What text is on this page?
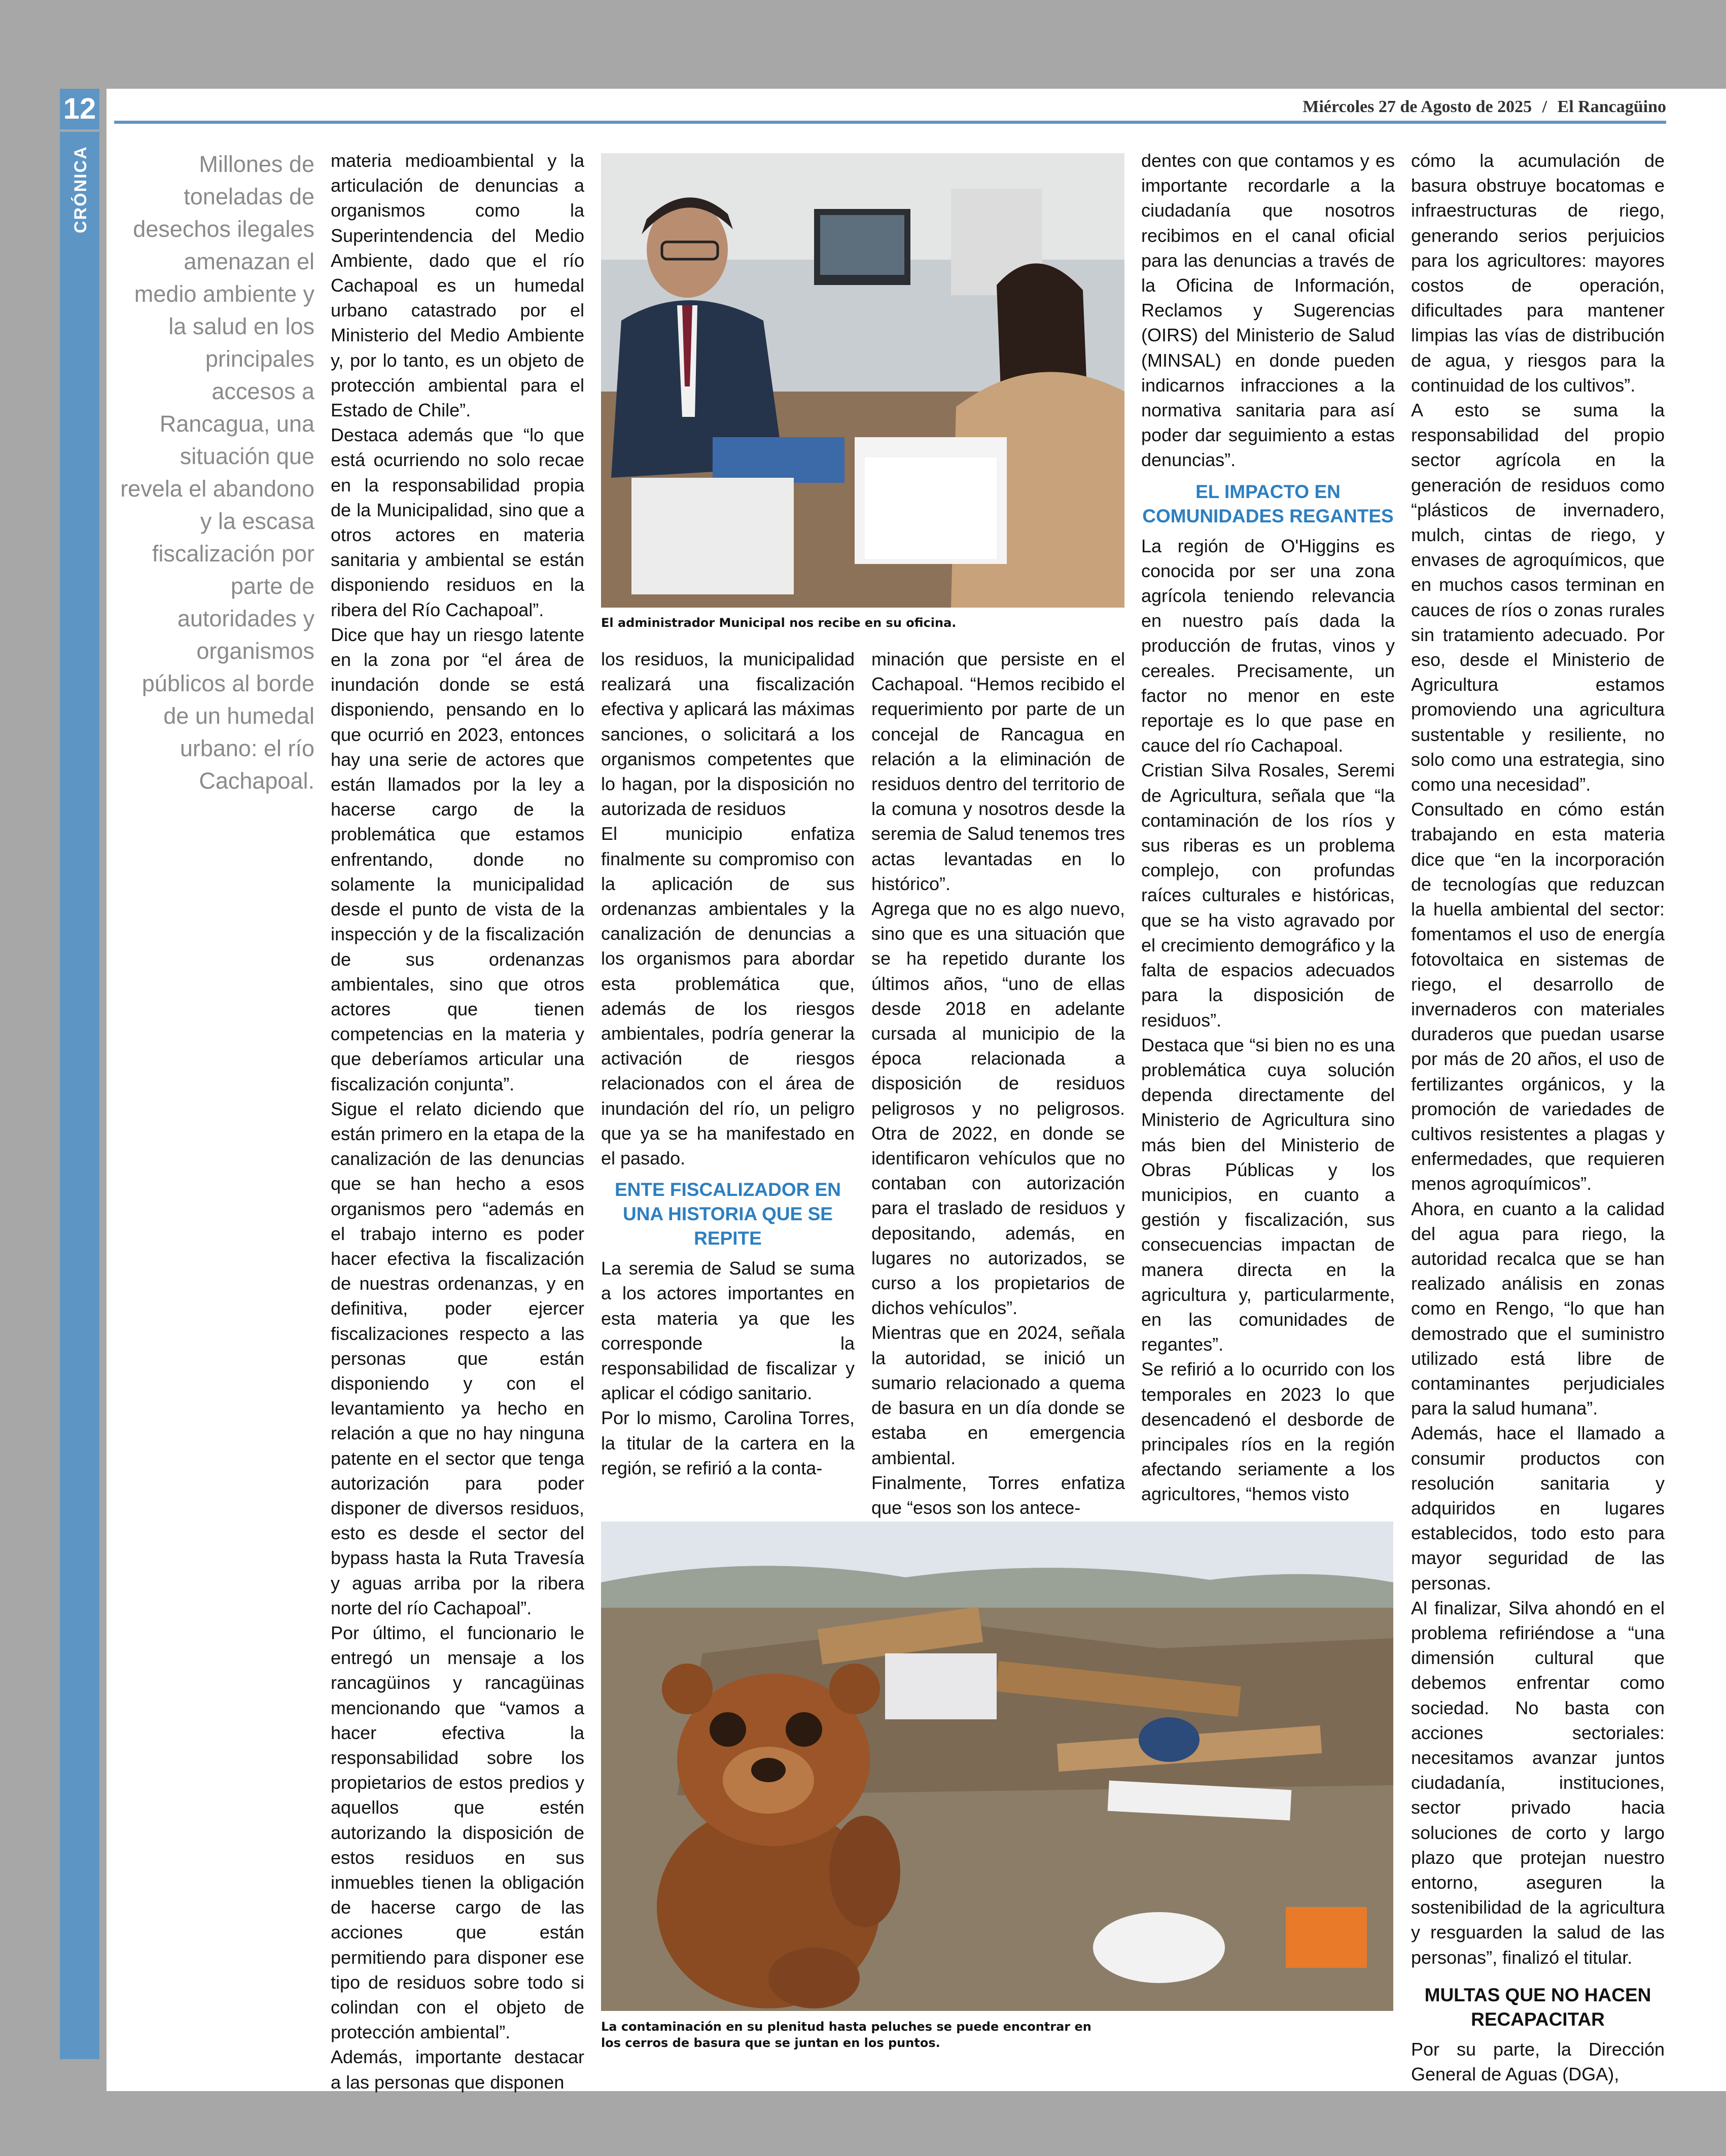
12
CRÓNICA
Miércoles 27 de Agosto de 2025 / El Rancagüino
Millones de toneladas de desechos ilegales amenazan el medio ambiente y la salud en los principales accesos a Rancagua, una situación que revela el abandono y la escasa fiscalización por parte de autoridades y organismos públicos al borde de un humedal urbano: el río Cachapoal.

materia medioambiental y la articulación de denuncias a organismos como la Superintendencia del Medio Ambiente, dado que el río Cachapoal es un humedal urbano catastrado por el Ministerio del Medio Ambiente y, por lo tanto, es un objeto de protección ambiental para el Estado de Chile”.

Destaca además que “lo que está ocurriendo no solo recae en la responsabilidad propia de la Municipalidad, sino que a otros actores en materia sanitaria y ambiental se están disponiendo residuos en la ribera del Río Cachapoal”.

Dice que hay un riesgo latente en la zona por “el área de inundación donde se está disponiendo, pensando en lo que ocurrió en 2023, entonces hay una serie de actores que están llamados por la ley a hacerse cargo de la problemática que estamos enfrentando, donde no solamente la municipalidad desde el punto de vista de la inspección y de la fiscalización de sus ordenanzas ambientales, sino que otros actores que tienen competencias en la materia y que deberíamos articular una fiscalización conjunta”.

Sigue el relato diciendo que están primero en la etapa de la canalización de las denuncias que se han hecho a esos organismos pero “además en el trabajo interno es poder hacer efectiva la fiscalización de nuestras ordenanzas, y en definitiva, poder ejercer fiscalizaciones respecto a las personas que están disponiendo y con el levantamiento ya hecho en relación a que no hay ninguna patente en el sector que tenga autorización para poder disponer de diversos residuos, esto es desde el sector del bypass hasta la Ruta Travesía y aguas arriba por la ribera norte del río Cachapoal”.

Por último, el funcionario le entregó un mensaje a los rancagüinos y rancagüinas mencionando que “vamos a hacer efectiva la responsabilidad sobre los propietarios de estos predios y aquellos que estén autorizando la disposición de estos residuos en sus inmuebles tienen la obligación de hacerse cargo de las acciones que están permitiendo para disponer ese tipo de residuos sobre todo si colindan con el objeto de protección ambiental”.

Además, importante destacar a las personas que disponen

El administrador Municipal nos recibe en su oficina.

los residuos, la municipalidad realizará una fiscalización efectiva y aplicará las máximas sanciones, o solicitará a los organismos competentes que lo hagan, por la disposición no autorizada de residuos

El municipio enfatiza finalmente su compromiso con la aplicación de sus ordenanzas ambientales y la canalización de denuncias a los organismos para abordar esta problemática que, además de los riesgos ambientales, podría generar la activación de riesgos relacionados con el área de inundación del río, un peligro que ya se ha manifestado en el pasado.

ENTE FISCALIZADOR EN UNA HISTORIA QUE SE REPITE

La seremia de Salud se suma a los actores importantes en esta materia ya que les corresponde la responsabilidad de fiscalizar y aplicar el código sanitario.

Por lo mismo, Carolina Torres, la titular de la cartera en la región, se refirió a la conta-

minación que persiste en el Cachapoal. “Hemos recibido el requerimiento por parte de un concejal de Rancagua en relación a la eliminación de residuos dentro del territorio de la comuna y nosotros desde la seremia de Salud tenemos tres actas levantadas en lo histórico”.

Agrega que no es algo nuevo, sino que es una situación que se ha repetido durante los últimos años, “uno de ellas desde 2018 en adelante cursada al municipio de la época relacionada a disposición de residuos peligrosos y no peligrosos. Otra de 2022, en donde se identificaron vehículos que no contaban con autorización para el traslado de residuos y depositando, además, en lugares no autorizados, se curso a los propietarios de dichos vehículos”.

Mientras que en 2024, señala la autoridad, se inició un sumario relacionado a quema de basura en un día donde se estaba en emergencia ambiental.

Finalmente, Torres enfatiza que “esos son los antece-

dentes con que contamos y es importante recordarle a la ciudadanía que nosotros recibimos en el canal oficial para las denuncias a través de la Oficina de Información, Reclamos y Sugerencias (OIRS) del Ministerio de Salud (MINSAL) en donde pueden indicarnos infracciones a la normativa sanitaria para así poder dar seguimiento a estas denuncias”.

EL IMPACTO EN COMUNIDADES REGANTES

La región de O'Higgins es conocida por ser una zona agrícola teniendo relevancia en nuestro país dada la producción de frutas, vinos y cereales. Precisamente, un factor no menor en este reportaje es lo que pase en cauce del río Cachapoal.

Cristian Silva Rosales, Seremi de Agricultura, señala que “la contaminación de los ríos y sus riberas es un problema complejo, con profundas raíces culturales e históricas, que se ha visto agravado por el crecimiento demográfico y la falta de espacios adecuados para la disposición de residuos”.

Destaca que “si bien no es una problemática cuya solución dependa directamente del Ministerio de Agricultura sino más bien del Ministerio de Obras Públicas y los municipios, en cuanto a gestión y fiscalización, sus consecuencias impactan de manera directa en la agricultura y, particularmente, en las comunidades de regantes”.

Se refirió a lo ocurrido con los temporales en 2023 lo que desencadenó el desborde de principales ríos en la región afectando seriamente a los agricultores, “hemos visto

cómo la acumulación de basura obstruye bocatomas e infraestructuras de riego, generando serios perjuicios para los agricultores: mayores costos de operación, dificultades para mantener limpias las vías de distribución de agua, y riesgos para la continuidad de los cultivos”.

A esto se suma la responsabilidad del propio sector agrícola en la generación de residuos como “plásticos de invernadero, mulch, cintas de riego, y envases de agroquímicos, que en muchos casos terminan en cauces de ríos o zonas rurales sin tratamiento adecuado. Por eso, desde el Ministerio de Agricultura estamos promoviendo una agricultura sustentable y resiliente, no solo como una estrategia, sino como una necesidad”.

Consultado en cómo están trabajando en esta materia dice que “en la incorporación de tecnologías que reduzcan la huella ambiental del sector: fomentamos el uso de energía fotovoltaica en sistemas de riego, el desarrollo de invernaderos con materiales duraderos que puedan usarse por más de 20 años, el uso de fertilizantes orgánicos, y la promoción de variedades de cultivos resistentes a plagas y enfermedades, que requieren menos agroquímicos”.

Ahora, en cuanto a la calidad del agua para riego, la autoridad recalca que se han realizado análisis en zonas como en Rengo, “lo que han demostrado que el suministro utilizado está libre de contaminantes perjudiciales para la salud humana”.

Además, hace el llamado a consumir productos con resolución sanitaria y adquiridos en lugares establecidos, todo esto para mayor seguridad de las personas.

Al finalizar, Silva ahondó en el problema refiriéndose a “una dimensión cultural que debemos enfrentar como sociedad. No basta con acciones sectoriales: necesitamos avanzar juntos ciudadanía, instituciones, sector privado hacia soluciones de corto y largo plazo que protejan nuestro entorno, aseguren la sostenibilidad de la agricultura y resguarden la salud de las personas”, finalizó el titular.

MULTAS QUE NO HACEN RECAPACITAR

Por su parte, la Dirección General de Aguas (DGA),

La contaminación en su plenitud hasta peluches se puede encontrar en los cerros de basura que se juntan en los puntos.
